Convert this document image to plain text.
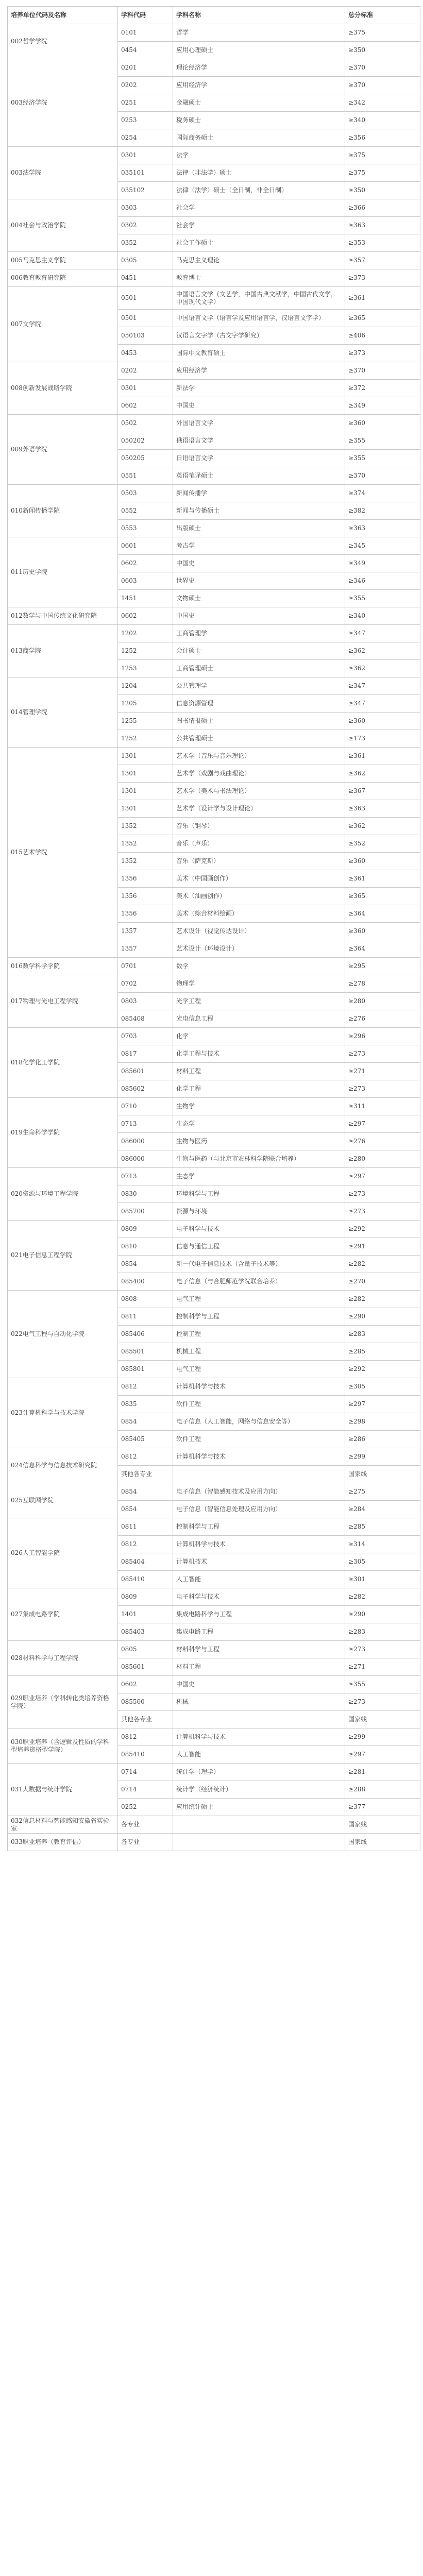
培养单位代码及名称	学科代码	学科名称	总分标准
002哲学学院	0101	哲学	≥375
	0454	应用心理硕士	≥350
003经济学院	0201	理论经济学	≥370
	0202	应用经济学	≥370
	0251	金融硕士	≥342
	0253	税务硕士	≥340
	0254	国际商务硕士	≥356
003法学院	0301	法学	≥375
	035101	法律（非法学）硕士	≥375
	035102	法律（法学）硕士（全日制，非全日制）	≥350
004社会与政治学院	0303	社会学	≥366
	0302	社会学	≥363
	0352	社会工作硕士	≥353
005马克思主义学院	0305	马克思主义理论	≥357
006教育教育研究院	0451	教育博士	≥373
007文学院	0501	中国语言文学（文艺学，中国古典文献学，中国古代文学，中国现代文学）	≥361
	0501	中国语言文学（语言学及应用语言学，汉语言文字学）	≥365
	050103	汉语言文字学（古文字学研究）	≥406
	0453	国际中文教育硕士	≥373
008创新发展战略学院	0202	应用经济学	≥370
	0301	新法学	≥372
	0602	中国史	≥349
009外语学院	0502	外国语言文学	≥360
	050202	俄语语言文学	≥355
	050205	日语语言文学	≥355
	0551	英语笔译硕士	≥370
010新闻传播学院	0503	新闻传播学	≥374
	0552	新闻与传播硕士	≥382
	0553	出版硕士	≥363
011历史学院	0601	考古学	≥345
	0602	中国史	≥349
	0603	世界史	≥346
	1451	文物硕士	≥355
012数学与中国传统文化研究院	0602	中国史	≥340
013商学院	1202	工商管理学	≥347
	1252	会计硕士	≥362
	1253	工商管理硕士	≥362
014管理学院	1204	公共管理学	≥347
	1205	信息资源管理	≥347
	1255	图书情报硕士	≥360
	1252	公共管理硕士	≥173
015艺术学院	1301	艺术学（音乐与音乐理论）	≥361
	1301	艺术学（戏剧与戏曲理论）	≥362
	1301	艺术学（美术与书法理论）	≥367
	1301	艺术学（设计学与设计理论）	≥363
	1352	音乐（钢琴）	≥362
	1352	音乐（声乐）	≥352
	1352	音乐（萨克斯）	≥360
	1356	美术（中国画创作）	≥361
	1356	美术（油画创作）	≥365
	1356	美术（综合材料绘画）	≥364
	1357	艺术设计（视觉传达设计）	≥360
	1357	艺术设计（环境设计）	≥364
016数学科学学院	0701	数学	≥295
017物理与光电工程学院	0702	物理学	≥278
	0803	光学工程	≥280
	085408	光电信息工程	≥276
018化学化工学院	0703	化学	≥296
	0817	化学工程与技术	≥273
	085601	材料工程	≥271
	085602	化学工程	≥273
019生命科学学院	0710	生物学	≥311
	0713	生态学	≥297
	086000	生物与医药	≥276
	086000	生物与医药（与北京市农林科学院联合培养）	≥280
020资源与环境工程学院	0713	生态学	≥297
	0830	环境科学与工程	≥273
	085700	资源与环境	≥273
021电子信息工程学院	0809	电子科学与技术	≥292
	0810	信息与通信工程	≥291
	0854	新一代电子信息技术（含量子技术等）	≥282
	085400	电子信息（与合肥师范学院联合培养）	≥270
022电气工程与自动化学院	0808	电气工程	≥282
	0811	控制科学与工程	≥290
	085406	控制工程	≥283
	085501	机械工程	≥285
	085801	电气工程	≥292
023计算机科学与技术学院	0812	计算机科学与技术	≥305
	0835	软件工程	≥297
	0854	电子信息（人工智能，网络与信息安全等）	≥298
	085405	软件工程	≥286
024信息科学与信息技术研究院	0812	计算机科学与技术	≥299
	其他各专业		国家线
025互联网学院	0854	电子信息（智能感知技术及应用方向）	≥275
	0854	电子信息（智能信息处理及应用方向）	≥284
026人工智能学院	0811	控制科学与工程	≥285
	0812	计算机科学与技术	≥314
	085404	计算机技术	≥305
	085410	人工智能	≥301
027集成电路学院	0809	电子科学与技术	≥282
	1401	集成电路科学与工程	≥290
	085403	集成电路工程	≥283
028材料科学与工程学院	0805	材料科学与工程	≥273
	085601	材料工程	≥271
029职业培养（学科转化类培养资格学院）	0602	中国史	≥355
	085500	机械	≥273
	其他各专业		国家线
030职业培养（含逻辑及性质的学科型培养资格型学院）	0812	计算机科学与技术	≥299
	085410	人工智能	≥297
031大数据与统计学院	0714	统计学（理学）	≥281
	0714	统计学（经济统计）	≥288
	0252	应用统计硕士	≥377
032信息材料与智能感知安徽省实验室	各专业		国家线
033职业培养（教育评估）	各专业		国家线
